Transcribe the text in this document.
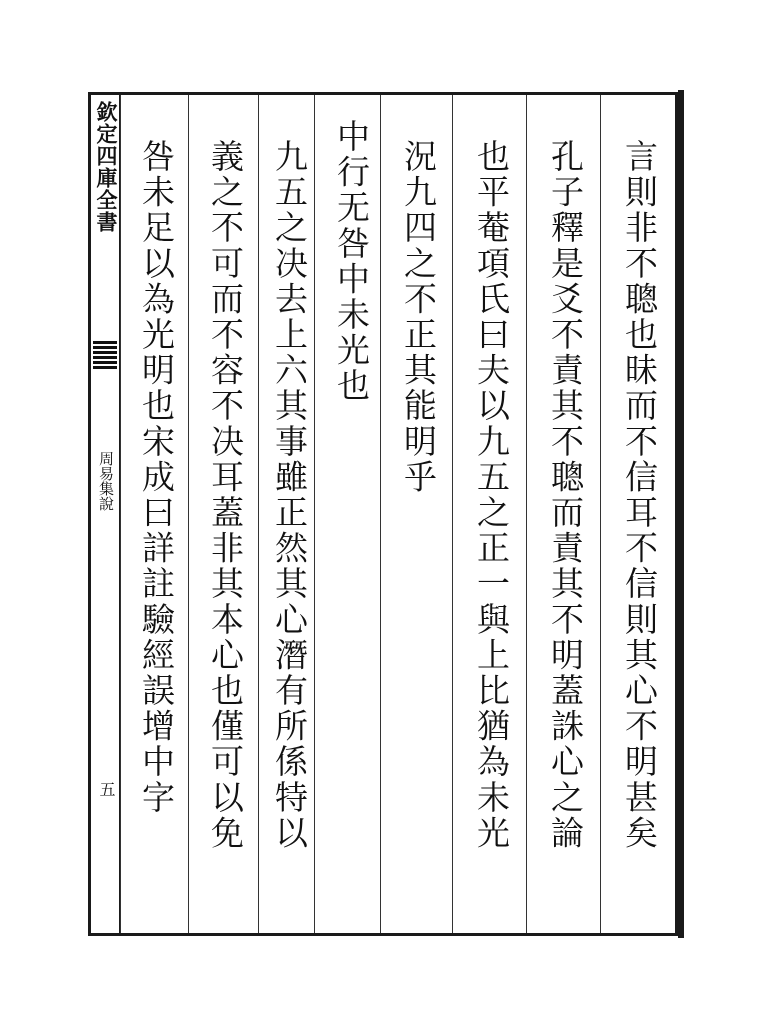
欽定四庫全書
周易集說
五	言則非不聰也昧而不信耳不信則其心不明甚矣
孔子釋是爻不責其不聰而責其不明蓋誅心之論
也平菴項氏曰夫以九五之正一與上比猶為未光
況九四之不正其能明乎
中行无咎中未光也
九五之决去上六其事雖正然其心潛有所係特以
義之不可而不容不决耳蓋非其本心也僅可以免
咎未足以為光明也宋成曰詳註驗經誤增中字
